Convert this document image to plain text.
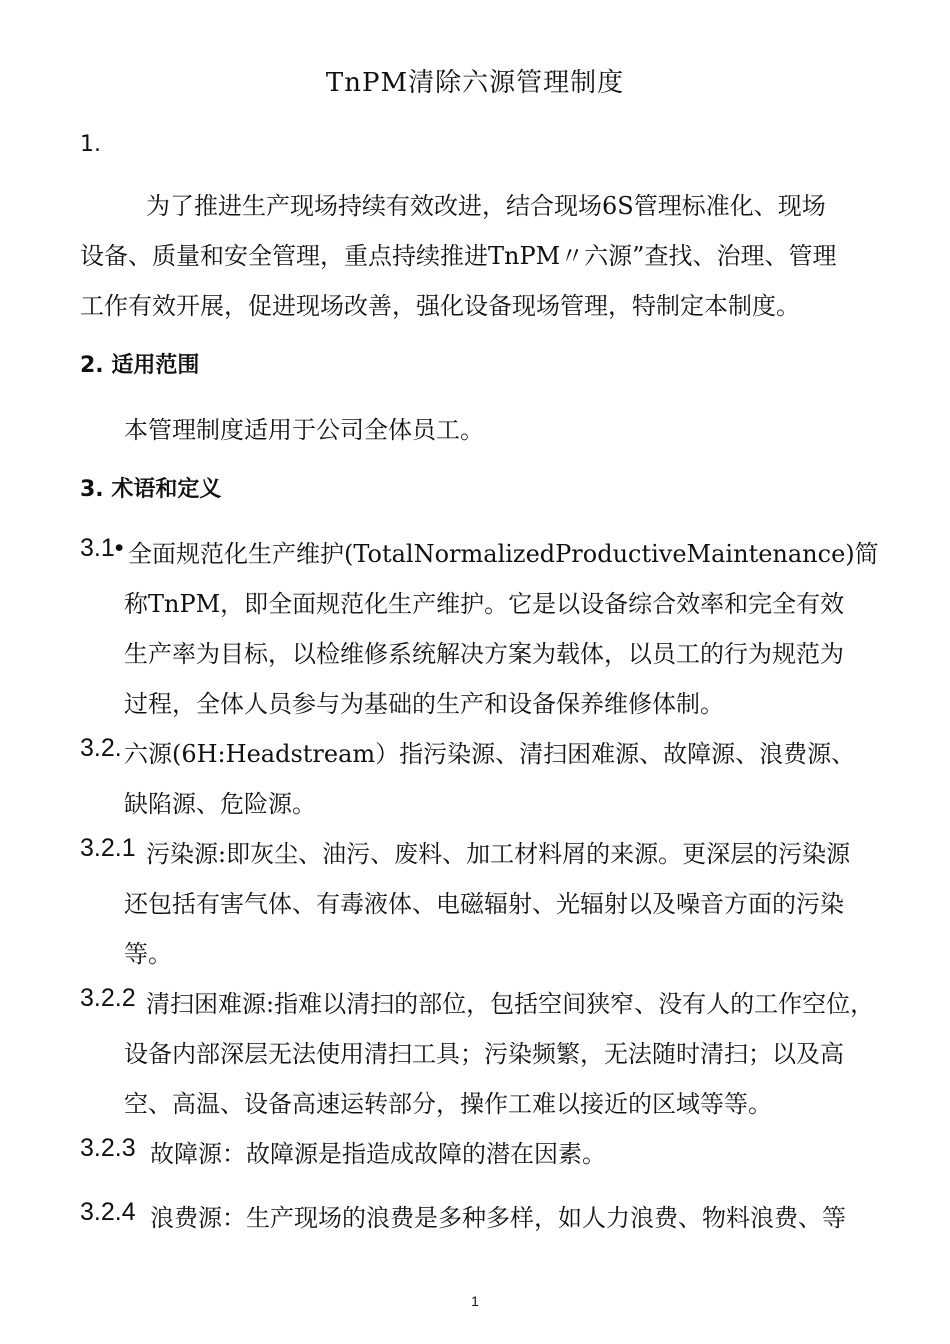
TnPM清除六源管理制度
1.
为了推进生产现场持续有效改进，结合现场6S管理标准化、现场
设备、质量和安全管理，重点持续推进TnPM〃六源”查找、治理、管理
工作有效开展，促进现场改善，强化设备现场管理，特制定本制度。
2. 适用范围
本管理制度适用于公司全体员工。
3. 术语和定义
3.1• 全面规范化生产维护(TotalNormalizedProductiveMaintenance)简
称TnPM，即全面规范化生产维护。它是以设备综合效率和完全有效
生产率为目标，以检维修系统解决方案为载体，以员工的行为规范为
过程，全体人员参与为基础的生产和设备保养维修体制。
3.2. 六源(6H:Headstream）指污染源、清扫困难源、故障源、浪费源、
缺陷源、危险源。
3.2.1 污染源:即灰尘、油污、废料、加工材料屑的来源。更深层的污染源
还包括有害气体、有毒液体、电磁辐射、光辐射以及噪音方面的污染
等。
3.2.2 清扫困难源:指难以清扫的部位，包括空间狭窄、没有人的工作空位，
设备内部深层无法使用清扫工具；污染频繁，无法随时清扫；以及高
空、高温、设备高速运转部分，操作工难以接近的区域等等。
3.2.3 故障源：故障源是指造成故障的潜在因素。
3.2.4 浪费源：生产现场的浪费是多种多样，如人力浪费、物料浪费、等
1
